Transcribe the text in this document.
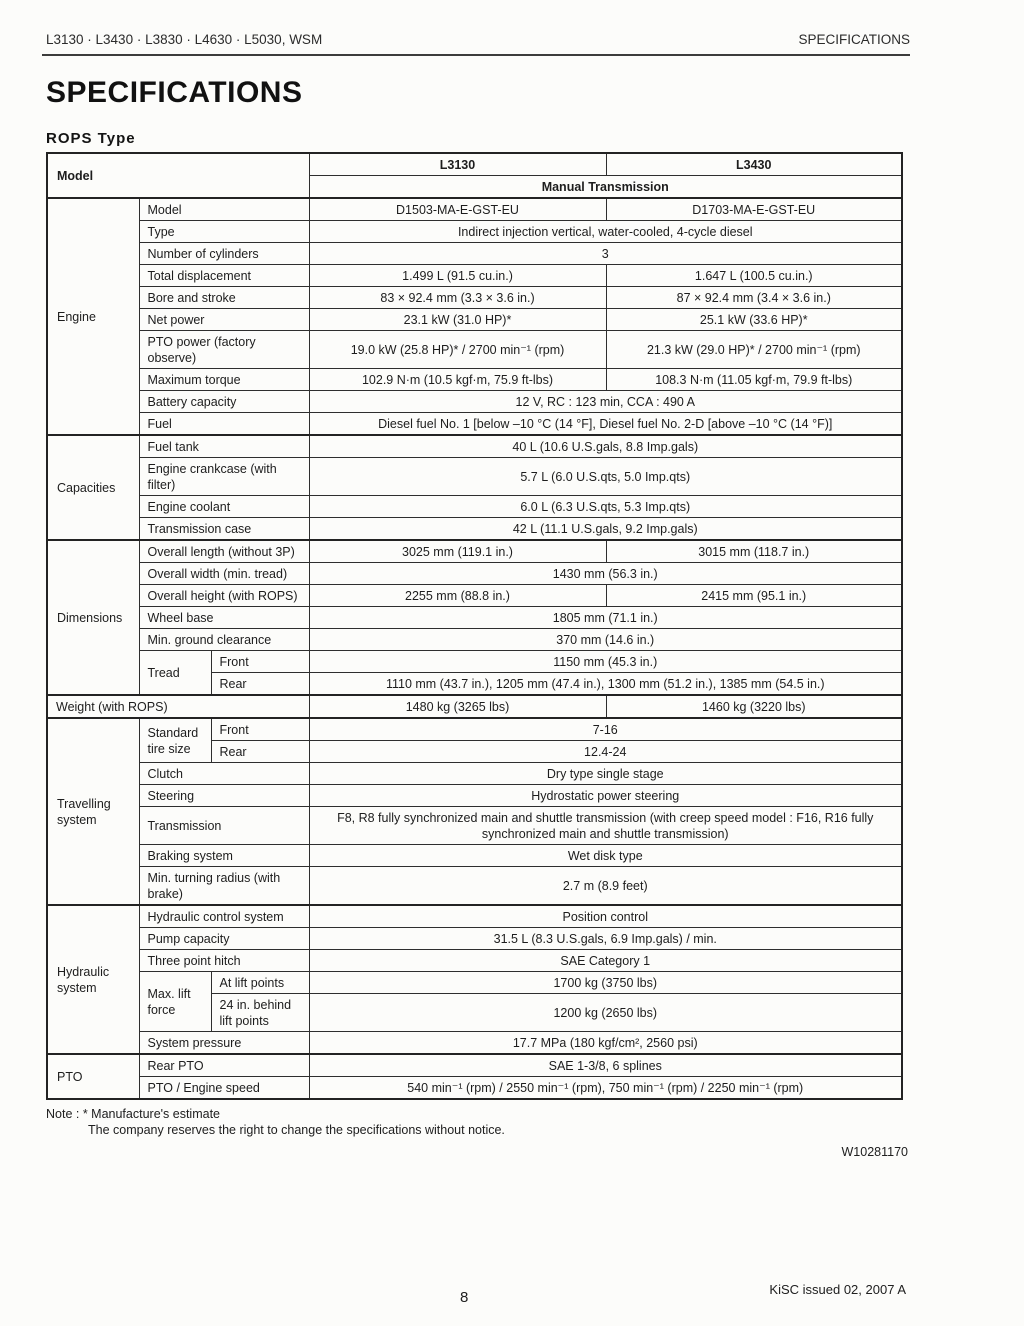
L3130 · L3430 · L3830 · L4630 · L5030, WSM	SPECIFICATIONS
SPECIFICATIONS
ROPS Type
Model			L3130	L3430
			Manual Transmission	
Engine	Model		D1503-MA-E-GST-EU	D1703-MA-E-GST-EU
	Type		Indirect injection vertical, water-cooled, 4-cycle diesel	
	Number of cylinders		3	
	Total displacement		1.499 L (91.5 cu.in.)	1.647 L (100.5 cu.in.)
	Bore and stroke		83 × 92.4 mm (3.3 × 3.6 in.)	87 × 92.4 mm (3.4 × 3.6 in.)
	Net power		23.1 kW (31.0 HP)*	25.1 kW (33.6 HP)*
	PTO power (factory observe)		19.0 kW (25.8 HP)* / 2700 min⁻¹ (rpm)	21.3 kW (29.0 HP)* / 2700 min⁻¹ (rpm)
	Maximum torque		102.9 N·m (10.5 kgf·m, 75.9 ft-lbs)	108.3 N·m (11.05 kgf·m, 79.9 ft-lbs)
	Battery capacity		12 V, RC : 123 min, CCA : 490 A	
	Fuel		Diesel fuel No. 1 [below –10 °C (14 °F], Diesel fuel No. 2-D [above –10 °C (14 °F)]	
Capacities	Fuel tank		40 L (10.6 U.S.gals, 8.8 Imp.gals)	
	Engine crankcase (with filter)		5.7 L (6.0 U.S.qts, 5.0 Imp.qts)	
	Engine coolant		6.0 L (6.3 U.S.qts, 5.3 Imp.qts)	
	Transmission case		42 L (11.1 U.S.gals, 9.2 Imp.gals)	
Dimensions	Overall length (without 3P)		3025 mm (119.1 in.)	3015 mm (118.7 in.)
	Overall width (min. tread)		1430 mm (56.3 in.)	
	Overall height (with ROPS)		2255 mm (88.8 in.)	2415 mm (95.1 in.)
	Wheel base		1805 mm (71.1 in.)	
	Min. ground clearance		370 mm (14.6 in.)	
	Tread	Front	1150 mm (45.3 in.)	
		Rear	1110 mm (43.7 in.), 1205 mm (47.4 in.), 1300 mm (51.2 in.), 1385 mm (54.5 in.)	
Weight (with ROPS)			1480 kg (3265 lbs)	1460 kg (3220 lbs)
Travelling system	Standard tire size	Front	7-16	
		Rear	12.4-24	
	Clutch		Dry type single stage	
	Steering		Hydrostatic power steering	
	Transmission		F8, R8 fully synchronized main and shuttle transmission (with creep speed model : F16, R16 fully synchronized main and shuttle transmission)	
	Braking system		Wet disk type	
	Min. turning radius (with brake)		2.7 m (8.9 feet)	
Hydraulic system	Hydraulic control system		Position control	
	Pump capacity		31.5 L (8.3 U.S.gals, 6.9 Imp.gals) / min.	
	Three point hitch		SAE Category 1	
	Max. lift force	At lift points	1700 kg (3750 lbs)	
		24 in. behind lift points	1200 kg (2650 lbs)	
	System pressure		17.7 MPa (180 kgf/cm², 2560 psi)	
PTO	Rear PTO		SAE 1-3/8, 6 splines	
	PTO / Engine speed		540 min⁻¹ (rpm) / 2550 min⁻¹ (rpm), 750 min⁻¹ (rpm) / 2250 min⁻¹ (rpm)	
Note : * Manufacture's estimate
The company reserves the right to change the specifications without notice.
W10281170
8	KiSC issued 02, 2007 A
